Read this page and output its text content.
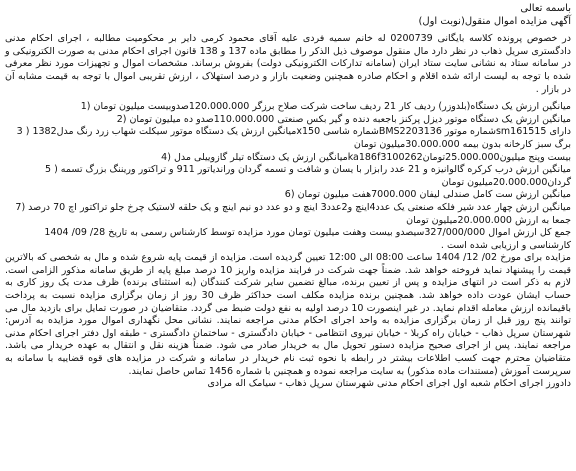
باسمه تعالی

آگهی مزایده اموال منقول(نوبت اول)

در خصوص پرونده کلاسه بایگانی 0200739 له خانم سمیه فردی علیه آقای محمود کرمی دایر بر محکومیت مطالبه ، اجرای احکام مدنی دادگستری سریل ذهاب در نظر دارد مال منقول موصوف ذیل الذکر را مطابق ماده 137 و 138 قانون اجرای احکام مدنی به صورت الکترونیکی و در سامانه ستاد به نشانی سایت ستاد ایران (سامانه تدارکات الکترونیکی دولت) بفروش برساند. مشخصات اموال و تجهیزات مورد نظر معرفی شده با توجه به لیست ارائه شده اقلام و احکام صادره همچنین وضعیت بازار و درصد استهلاک ، ارزش تقریبی اموال با توجه به قیمت مشابه آن در بازار .

میانگین ارزش یک دستگاه(بلدوزر) ردیف کار 21 ردیف ساخت شرکت صلاح برزگر 120.000.000صدوبیست میلیون تومان (1

میانگین ارزش یک دستگاه موتور دیزل پرکنز باجعبه دنده و گیر بکس صنعتی 110.000.000صدو ده میلیون تومان (2

دارای sm161515شماره موتور BMS2203136شماره شاسی x150میانگین ارزش یک دستگاه موتور سیکلت شهاب زرد رنگ مدل1382 ( 3 برگ سبز کارخانه بدون بیمه 30.000.000میلیون تومان

بیست وپنج میلیون25.000.000تومانka186f3100262میانگین ارزش یک دستگاه تیلر گازوییلی مدل (4

میانگین ارزش درب کرکره گالوانیزه و 21 عدد رابزار با یسان و شافت و تسمه گردان وراندیاتور 911 و تراکتور وریننگ بزرگ تسمه ( 5 گردان20.000.000میلیون تومان

میانگین ارزش ست کامل صندلی لیفان 7000.000هفت میلیون تومان (6

میانگین ارزش چهار عدد شیر فلکه صنعتی یک عدد4اینچ و2عدد3 اینچ و دو عدد دو نیم اینچ و یک حلقه لاستیک چرخ جلو تراکتور اچ 70 درصد (7 جمعا به ارزش 20.000.000میلیون تومان

جمع کل ارزش اموال 327/000/000سیصدو بیست وهفت میلیون تومان مورد مزایده توسط کارشناس رسمی به تاریخ 28/ 09/ 1404 کارشناسی و ارزیابی شده است .

مزایده برای مورخ 02/ 12/ 1404 ساعت 08:00 الی 12:00 تعیین گردیده است. مزایده از قیمت پایه شروع شده و مال به شخصی که بالاترین قیمت را پیشنهاد نماید فروخته خواهد شد. ضمناً جهت شرکت در فرایند مزایده واریز 10 درصد مبلغ پایه از طریق سامانه مذکور الزامی است. لازم به ذکر است در انتهای مزایده و پس از تعیین برنده، مبالغ تضمین سایر شرکت کنندگان (به استثنای برنده) ظرف مدت یک روز کاری به حساب ایشان عودت داده خواهد شد. همچنین برنده مزایده مکلف است حداکثر ظرف 30 روز از زمان برگزاری مزایده نسبت به پرداخت باقیمانده ارزش معامله اقدام نماید. در غیر اینصورت 10 درصد اولیه به نفع دولت ضبط می گردد. متقاضیان در صورت تمایل برای بازدید مال می توانند پنج روز قبل از زمان برگزاری مزایده به واحد اجرای احکام مدنی مراجعه نمایند. نشانی محل نگهداری اموال مورد مزایده به آدرس: شهرستان سرپل ذهاب - خیابان راه کربلا - خیابان نیروی انتظامی - خیابان دادگستری - ساختمان دادگستری - طبقه اول دفتر اجرای احکام مدنی مراجعه نمایند. پس از اجرای صحیح مزایده دستور تحویل مال به خریدار صادر می شود. ضمناً هزینه نقل و انتقال به عهده خریدار می باشد. متقاضیان محترم جهت کسب اطلاعات بیشتر در رابطه با نحوه ثبت نام خریدار در سامانه و شرکت در مزایده های قوه قضاییه با سامانه به سرپرست آموزش (مستندات ماده مذکور) به سایت مراجعه نموده و همچنین با شماره 1456 تماس حاصل نمایند.

دادورز اجرای احکام شعبه اول اجرای احکام مدنی شهرستان سرپل ذهاب - سیامک اله مرادی
